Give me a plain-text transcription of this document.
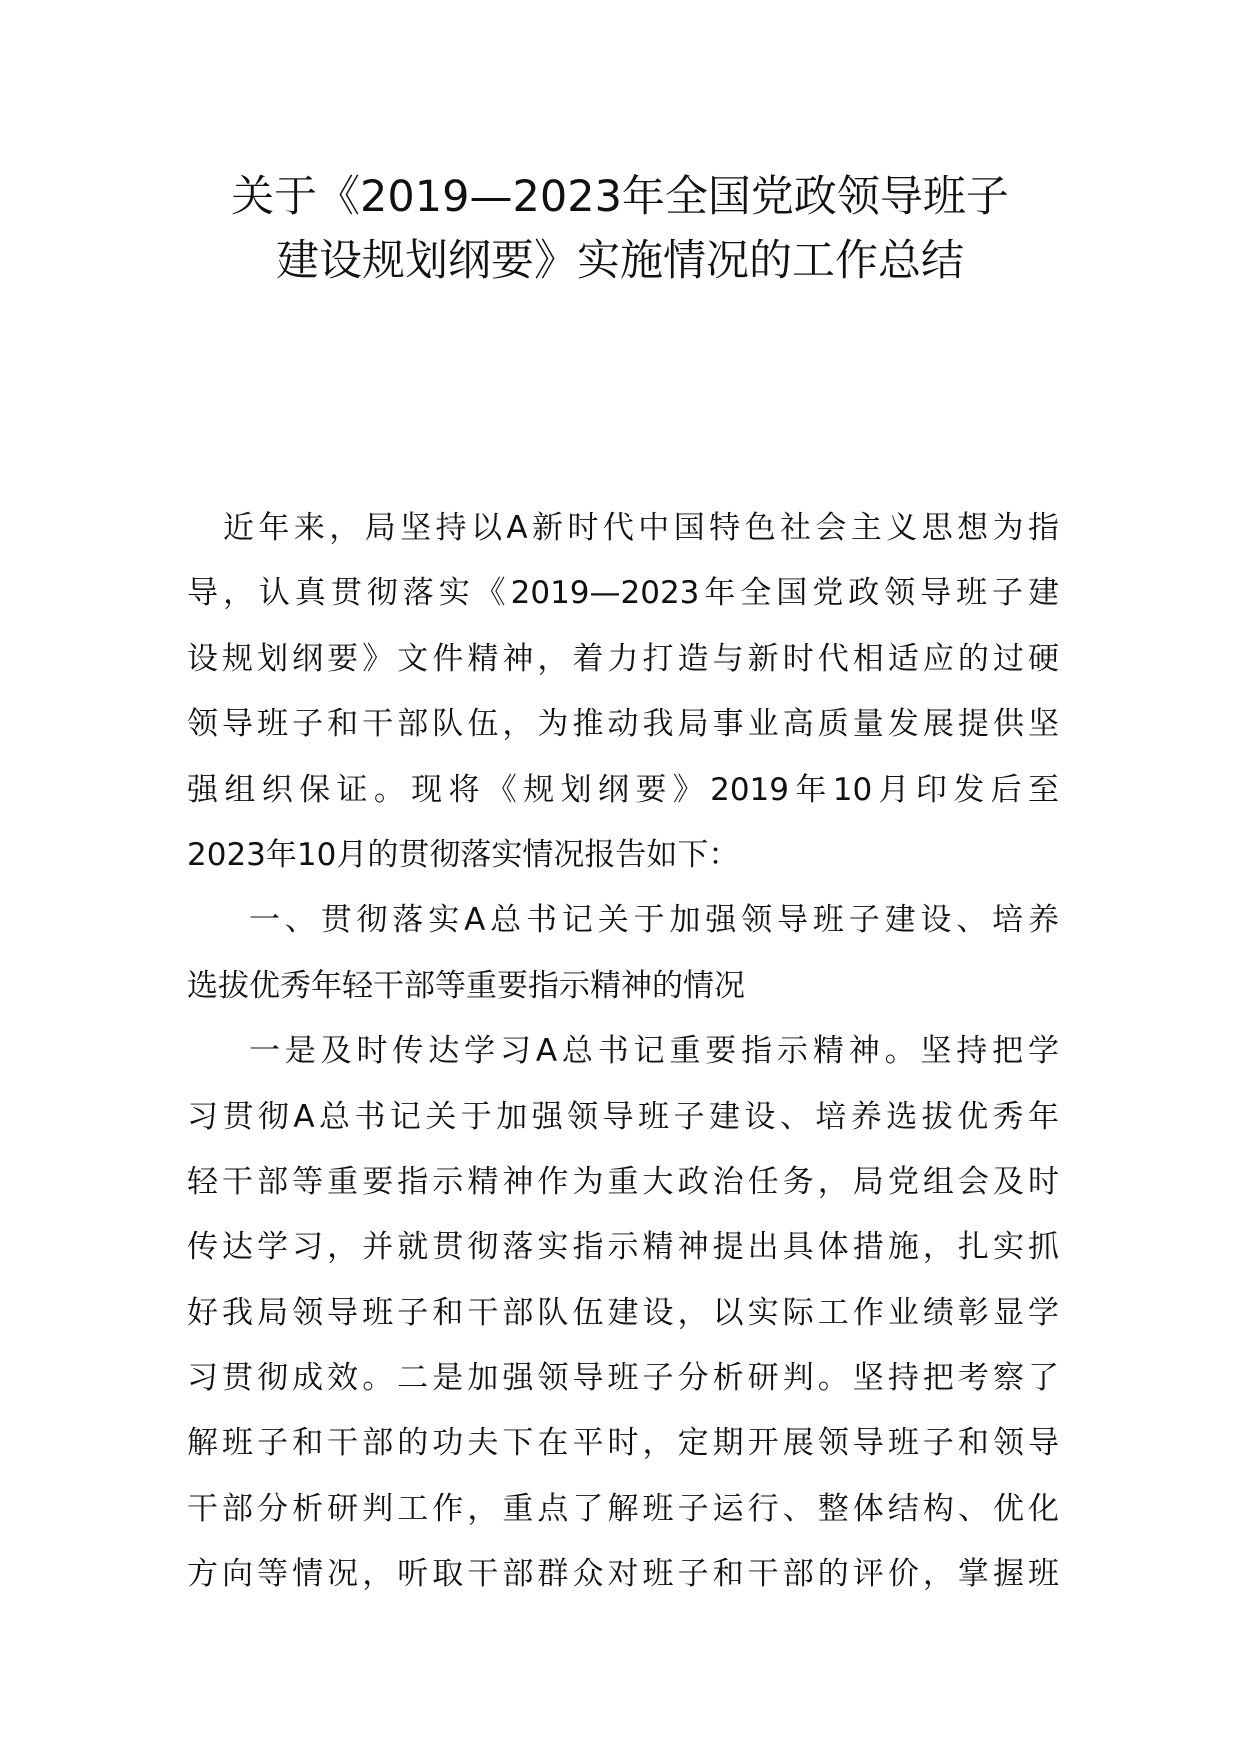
关于《2019—2023年全国党政领导班子
建设规划纲要》实施情况的工作总结
近年来，局坚持以A新时代中国特色社会主义思想为指
导，认真贯彻落实《2019—2023年全国党政领导班子建
设规划纲要》文件精神，着力打造与新时代相适应的过硬
领导班子和干部队伍，为推动我局事业高质量发展提供坚
强组织保证。现将《规划纲要》2019年10月印发后至
2023年10月的贯彻落实情况报告如下：
一、贯彻落实A总书记关于加强领导班子建设、培养
选拔优秀年轻干部等重要指示精神的情况
一是及时传达学习A总书记重要指示精神。坚持把学
习贯彻A总书记关于加强领导班子建设、培养选拔优秀年
轻干部等重要指示精神作为重大政治任务，局党组会及时
传达学习，并就贯彻落实指示精神提出具体措施，扎实抓
好我局领导班子和干部队伍建设，以实际工作业绩彰显学
习贯彻成效。二是加强领导班子分析研判。坚持把考察了
解班子和干部的功夫下在平时，定期开展领导班子和领导
干部分析研判工作，重点了解班子运行、整体结构、优化
方向等情况，听取干部群众对班子和干部的评价，掌握班
